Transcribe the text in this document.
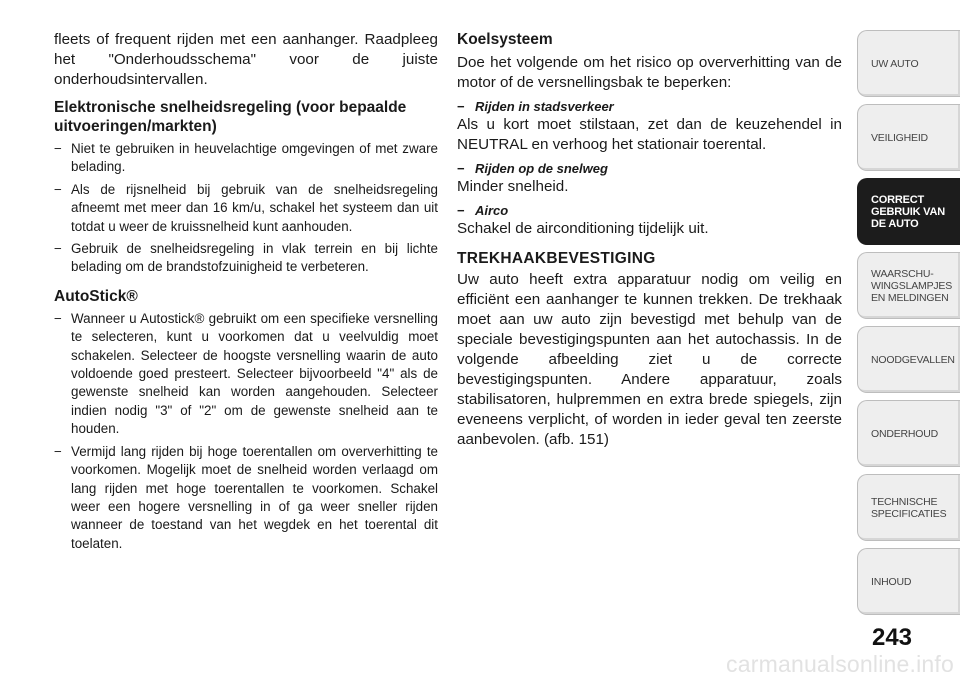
fleets of frequent rijden met een aanhanger. Raadpleeg het "Onderhoudsschema" voor de juiste onderhoudsintervallen.

Elektronische snelheidsregeling (voor bepaalde uitvoeringen/markten)
− Niet te gebruiken in heuvelachtige omgevingen of met zware belading.
− Als de rijsnelheid bij gebruik van de snelheidsregeling afneemt met meer dan 16 km/u, schakel het systeem dan uit totdat u weer de kruissnelheid kunt aanhouden.
− Gebruik de snelheidsregeling in vlak terrein en bij lichte belading om de brandstofzuinigheid te verbeteren.
AutoStick®
− Wanneer u Autostick® gebruikt om een specifieke versnelling te selecteren, kunt u voorkomen dat u veelvuldig moet schakelen. Selecteer de hoogste versnelling waarin de auto voldoende goed presteert. Selecteer bijvoorbeeld "4" als de gewenste snelheid kan worden aangehouden. Selecteer indien nodig "3" of "2" om de gewenste snelheid aan te houden.
− Vermijd lang rijden bij hoge toerentallen om oververhitting te voorkomen. Mogelijk moet de snelheid worden verlaagd om lang rijden met hoge toerentallen te voorkomen. Schakel weer een hogere versnelling in of ga weer sneller rijden wanneer de toestand van het wegdek en het toerental dit toelaten.
Koelsysteem

Doe het volgende om het risico op oververhitting van de motor of de versnellingsbak te beperken:

− Rijden in stadsverkeer

Als u kort moet stilstaan, zet dan de keuzehendel in NEUTRAL en verhoog het stationair toerental.

− Rijden op de snelweg

Minder snelheid.

− Airco

Schakel de airconditioning tijdelijk uit.

TREKHAAKBEVESTIGING

Uw auto heeft extra apparatuur nodig om veilig en efficiënt een aanhanger te kunnen trekken. De trekhaak moet aan uw auto zijn bevestigd met behulp van de speciale bevestigingspunten aan het autochassis. In de volgende afbeelding ziet u de correcte bevestigingspunten. Andere apparatuur, zoals stabilisatoren, hulpremmen en extra brede spiegels, zijn eveneens verplicht, of worden in ieder geval ten zeerste aanbevolen. (afb. 151)

UW AUTO
VEILIGHEID
CORRECT
GEBRUIK VAN
DE AUTO
WAARSCHU-
WINGSLAMPJES
EN MELDINGEN
NOODGEVALLEN
ONDERHOUD
TECHNISCHE
SPECIFICATIES
INHOUD
243
carmanualsonline.info
